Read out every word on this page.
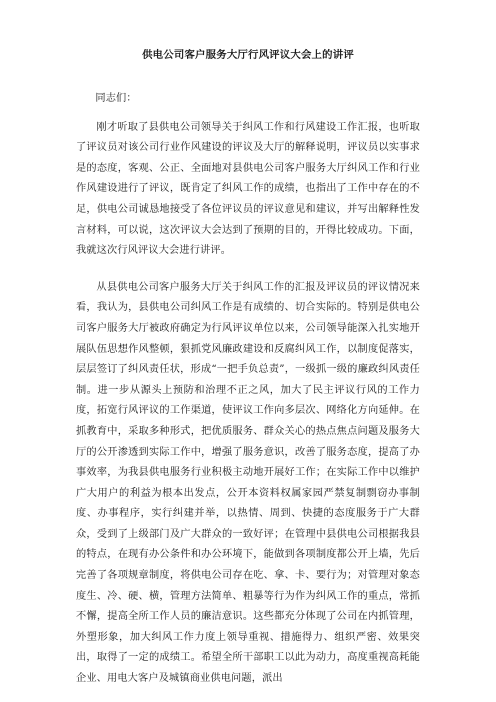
供电公司客户服务大厅行风评议大会上的讲评
同志们：

刚才听取了县供电公司领导关于纠风工作和行风建设工作汇报，也听取了评议员对该公司行业作风建设的评议及大厅的解释说明，评议员以实事求是的态度，客观、公正、全面地对县供电公司客户服务大厅纠风工作和行业作风建设进行了评议，既肯定了纠风工作的成绩，也指出了工作中存在的不足，供电公司诚恳地接受了各位评议员的评议意见和建议，并写出解释性发言材料，可以说，这次评议大会达到了预期的目的，开得比较成功。下面，我就这次行风评议大会进行讲评。

从县供电公司客户服务大厅关于纠风工作的汇报及评议员的评议情况来看，我认为，县供电公司纠风工作是有成绩的、切合实际的。特别是供电公司客户服务大厅被政府确定为行风评议单位以来，公司领导能深入扎实地开展队伍思想作风整顿，狠抓党风廉政建设和反腐纠风工作，以制度促落实，层层签订了纠风责任状，形成“一把手负总责”，一级抓一级的廉政纠风责任制。进一步从源头上预防和治理不正之风，加大了民主评议行风的工作力度，拓宽行风评议的工作渠道，使评议工作向多层次、网络化方向延伸。在抓教育中，采取多种形式，把优质服务、群众关心的热点焦点问题及服务大厅的公开渗透到实际工作中，增强了服务意识，改善了服务态度，提高了办事效率，为我县供电服务行业积极主动地开展好工作；在实际工作中以维护广大用户的利益为根本出发点，公开本资料权属家园严禁复制剽窃办事制度、办事程序，实行纠建并举，以热情、周到、快捷的态度服务于广大群众，受到了上级部门及广大群众的一致好评；在管理中县供电公司根据我县的特点，在现有办公条件和办公环境下，能做到各项制度都公开上墙，先后完善了各项规章制度，将供电公司存在吃、拿、卡、要行为；对管理对象态度生、冷、硬、横，管理方法简单、粗暴等行为作为纠风工作的重点，常抓不懈，提高全所工作人员的廉洁意识。这些都充分体现了公司在内抓管理，外塑形象，加大纠风工作力度上领导重视、措施得力、组织严密、效果突出，取得了一定的成绩工。希望全所干部职工以此为动力，高度重视高耗能企业、用电大客户及城镇商业供电问题，派出
